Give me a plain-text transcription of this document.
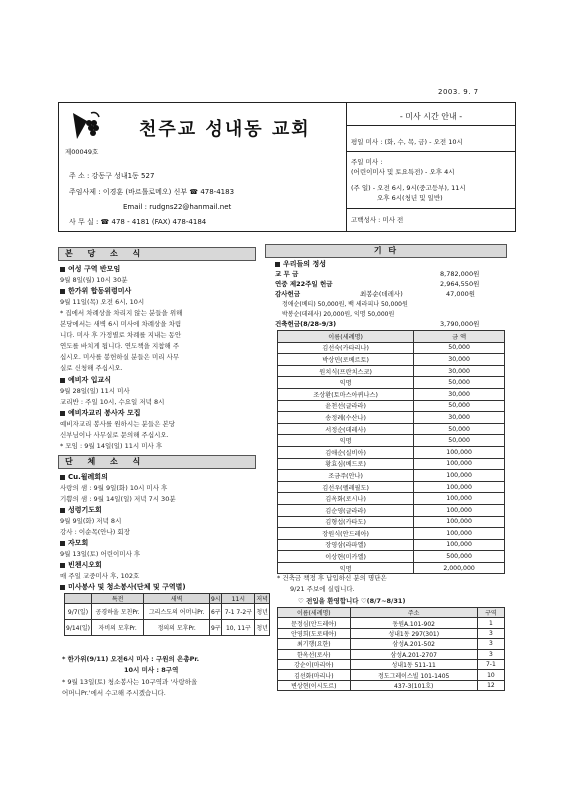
2003. 9. 7
천주교 성내동 교회
제00049호
주 소 : 강동구 성내1동 527
주임사제 : 이경훈 (바르톨로메오) 신부 ☎ 478-4183
Email : rudgns22@hanmail.net
사 무 실 : ☎ 478 - 4181 (FAX) 478-4184
- 미사 시간 안내 -
평일 미사 : (화, 수, 목, 금) - 오전 10시
주일 미사 :
(어린이미사 및 토요특전) - 오후 4시
(주 일) - 오전 6시, 9시(중고등부), 11시
오후 6시(청년 및 일반)
고백성사 : 미사 전
본 당 소 식
여성 구역 반모임
9월 8일(월) 10시 30분
한가위 합동위령미사
9월 11일(목) 오전 6시, 10시
* 집에서 차례상을 차리지 않는 분들을 위해
본당에서는 새벽 6시 미사에 차례상을 차림
니다. 미사 후 가정별로 차례를 지내는 동안
연도를 바치게 됩니다. 연도책을 지참해 주
십시오. 미사를 봉헌하실 분들은 미리 사무
실로 신청해 주십시오.
예비자 입교식
9월 28일(일) 11시 미사
교리반 : 주일 10시, 수요일 저녁 8시
예비자교리 봉사자 모집
예비자교리 봉사를 원하시는 분들은 본당
신부님이나 사무실로 문의해 주십시오.
* 모임 : 9월 14일(일) 11시 미사 후
단 체 소 식
Cu.월례회의
사랑의 샘 : 9월 9일(화) 10시 미사 후
기쁨의 샘 : 9월 14일(일) 저녁 7시 30분
성령기도회
9월 9일(화) 저녁 8시
강사 : 이순목(안나) 회장
자모회
9월 13일(토) 어린이미사 후
빈첸시오회
매 주일 교중미사 후, 102호
미사봉사 및 청소봉사(단체 및 구역별)
	특전	새벽	9시	11시	저녁
9/7(일)	공경하올 모친Pr.	그리스도의 어머니Pr.	6구	7-1 7-2구	청년
9/14(일)	자비의 모후Pr.	정의의 모후Pr.	9구	10, 11구	청년
* 한가위(9/11) 오전6시 미사 : 구원의 은총Pr.
10시 미사 : 8구역
* 9월 13일(토) 청소봉사는 10구역과 '사랑하올
어머니Pr.'에서 수고해 주시겠습니다.
기 타
우리들의 정성
교 무 금	8,782,000원
연중 제22주일 헌금	2,964,550원
감사헌금	최봉순(데레사)	47,000원
정애순(베티) 50,000원, 백 세라피나 50,000원
박봉순(데레사) 20,000원, 익명 50,000원
건축헌금(8/28-9/3)	3,790,000원
이름(세례명)	금 액
김선숙(카타리나)	50,000
박상민(로베르토)	30,000
원치식(프란치스코)	30,000
익명	50,000
조상환(토마스아퀴나스)	30,000
윤천선(글라라)	50,000
송정례(수산나)	30,000
서정순(데레사)	50,000
익명	50,000
김애순(실비아)	100,000
황효심(베드로)	100,000
조금주(안나)	100,000
김선우(펠레필도)	100,000
김옥화(로시나)	100,000
김순영(글라라)	100,000
김형섭(카타도)	100,000
장원식(안드레아)	100,000
장영삼(라파엘)	100,000
이상현(미카엘)	500,000
익명	2,000,000
* 건축금 책정 후 납입하신 분의 명단은
9/21 주보에 실립니다.
♡ 전입을 환영합니다 ♡(8/7~8/31)
이름(세례명)	주소	구역
문정심(안드레아)	동원A.101-902	1
안영희(도로테아)	성내1동 297(301)	3
최기행(요한)	삼성A.201-502	3
한옥선(로사)	삼성A.201-2707	3
강순이(마리아)	성내1동 511-11	7-1
김선화(마리나)	정도그레이스빌 101-1405	10
변상현(이시도르)	437-3(101호)	12
